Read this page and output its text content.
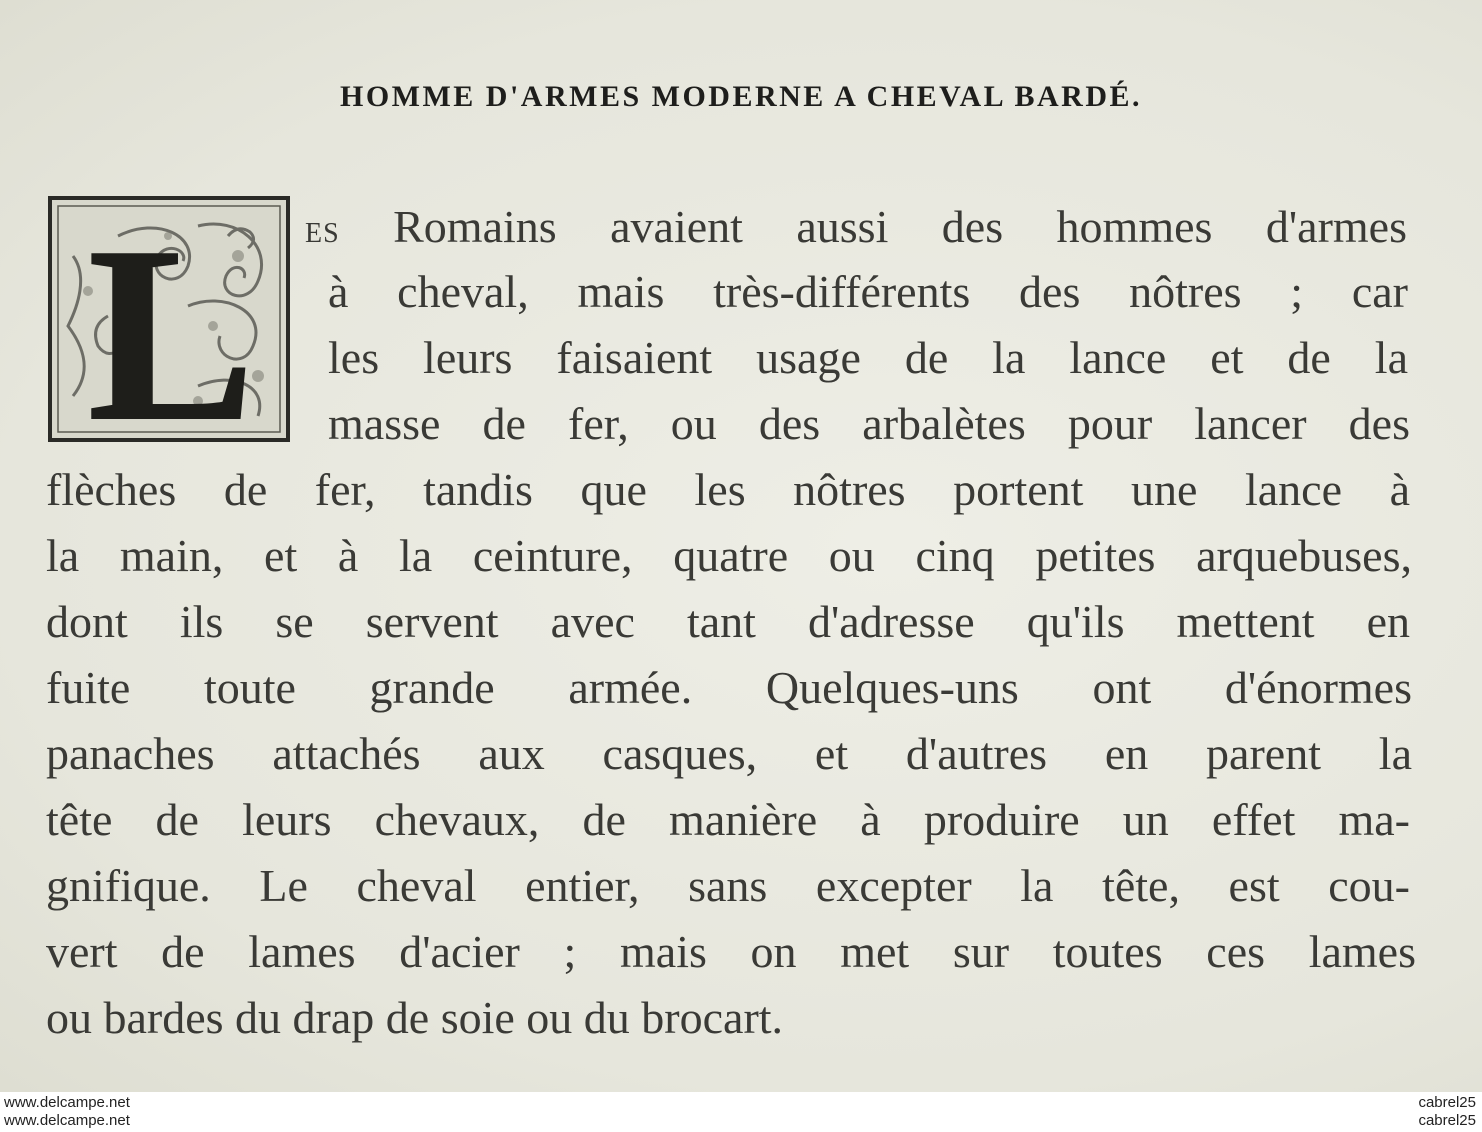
HOMME D'ARMES MODERNE A CHEVAL BARDÉ.
L ES Romains avaient aussi des hommes d'armes

à cheval, mais très-différents des nôtres ; car

les leurs faisaient usage de la lance et de la

masse de fer, ou des arbalètes pour lancer des

flèches de fer, tandis que les nôtres portent une lance à

la main, et à la ceinture, quatre ou cinq petites arquebuses,

dont ils se servent avec tant d'adresse qu'ils mettent en

fuite toute grande armée. Quelques-uns ont d'énormes

panaches attachés aux casques, et d'autres en parent la

tête de leurs chevaux, de manière à produire un effet ma-

gnifique. Le cheval entier, sans excepter la tête, est cou-

vert de lames d'acier ; mais on met sur toutes ces lames

ou bardes du drap de soie ou du brocart.

www.delcampe.net
www.delcampe.net
cabrel25
cabrel25
